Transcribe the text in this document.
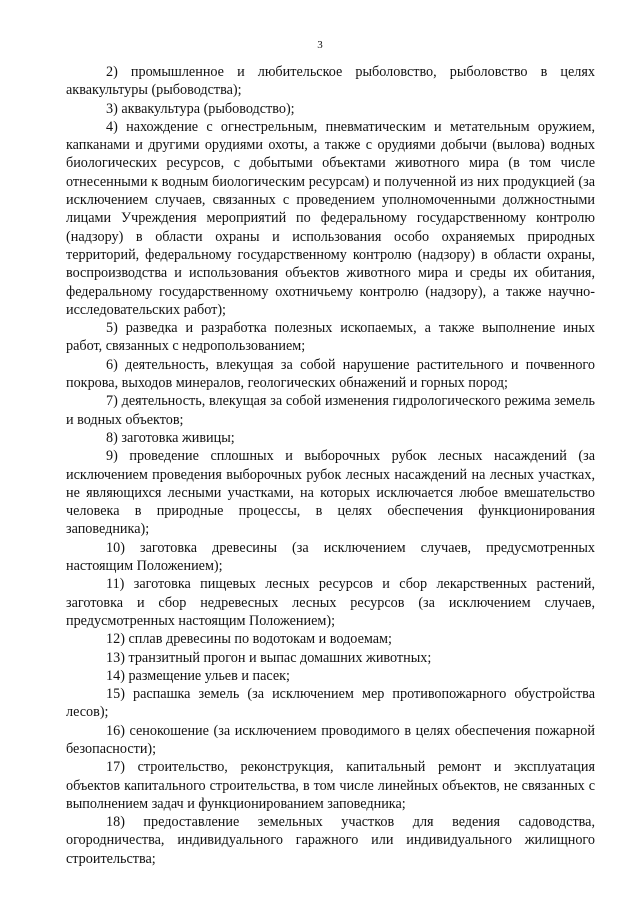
3

2) промышленное и любительское рыболовство, рыболовство в целях аквакультуры (рыбоводства);

3) аквакультура (рыбоводство);

4) нахождение с огнестрельным, пневматическим и метательным оружием, капканами и другими орудиями охоты, а также с орудиями добычи (вылова) водных биологических ресурсов, с добытыми объектами животного мира (в том числе отнесенными к водным биологическим ресурсам) и полученной из них продукцией (за исключением случаев, связанных с проведением уполномоченными должностными лицами Учреждения мероприятий по федеральному государственному контролю (надзору) в области охраны и использования особо охраняемых природных территорий, федеральному государственному контролю (надзору) в области охраны, воспроизводства и использования объектов животного мира и среды их обитания, федеральному государственному охотничьему контролю (надзору), а также научно-исследовательских работ);

5) разведка и разработка полезных ископаемых, а также выполнение иных работ, связанных с недропользованием;

6) деятельность, влекущая за собой нарушение растительного и почвенного покрова, выходов минералов, геологических обнажений и горных пород;

7) деятельность, влекущая за собой изменения гидрологического режима земель и водных объектов;

8) заготовка живицы;

9) проведение сплошных и выборочных рубок лесных насаждений (за исключением проведения выборочных рубок лесных насаждений на лесных участках, не являющихся лесными участками, на которых исключается любое вмешательство человека в природные процессы, в целях обеспечения функционирования заповедника);

10) заготовка древесины (за исключением случаев, предусмотренных настоящим Положением);

11) заготовка пищевых лесных ресурсов и сбор лекарственных растений, заготовка и сбор недревесных лесных ресурсов (за исключением случаев, предусмотренных настоящим Положением);

12) сплав древесины по водотокам и водоемам;

13) транзитный прогон и выпас домашних животных;

14) размещение ульев и пасек;

15) распашка земель (за исключением мер противопожарного обустройства лесов);

16) сенокошение (за исключением проводимого в целях обеспечения пожарной безопасности);

17) строительство, реконструкция, капитальный ремонт и эксплуатация объектов капитального строительства, в том числе линейных объектов, не связанных с выполнением задач и функционированием заповедника;

18) предоставление земельных участков для ведения садоводства, огородничества, индивидуального гаражного или индивидуального жилищного строительства;
